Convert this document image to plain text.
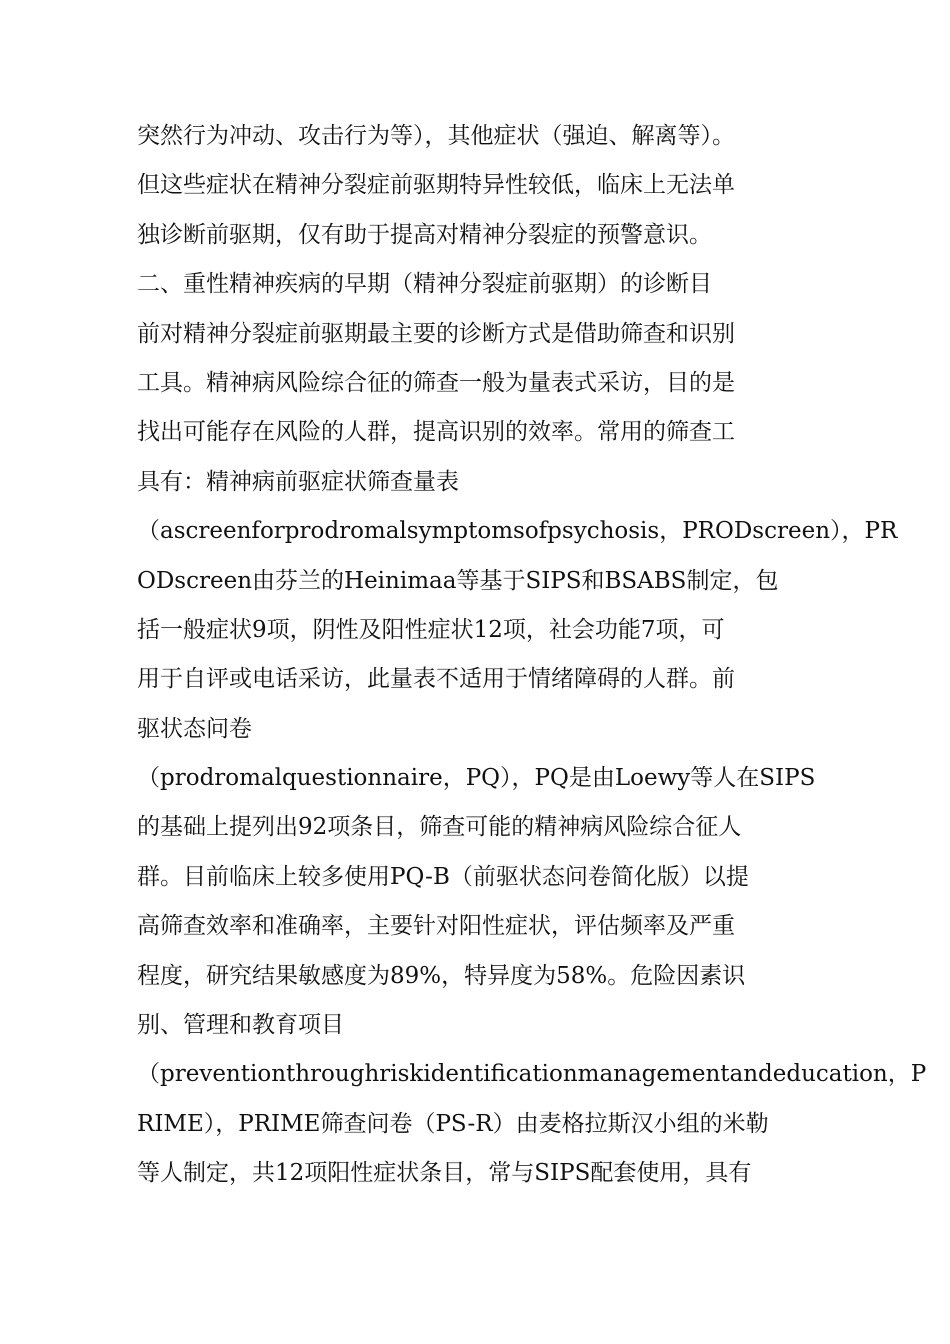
突然行为冲动、攻击行为等），其他症状（强迫、解离等）。
但这些症状在精神分裂症前驱期特异性较低，临床上无法单
独诊断前驱期，仅有助于提高对精神分裂症的预警意识。
二、重性精神疾病的早期（精神分裂症前驱期）的诊断目
前对精神分裂症前驱期最主要的诊断方式是借助筛查和识别
工具。精神病风险综合征的筛查一般为量表式采访，目的是
找出可能存在风险的人群，提高识别的效率。常用的筛查工
具有：精神病前驱症状筛查量表
（ascreenforprodromalsymptomsofpsychosis，PRODscreen），PR
ODscreen由芬兰的Heinimaa等基于SIPS和BSABS制定，包
括一般症状9项，阴性及阳性症状12项，社会功能7项，可
用于自评或电话采访，此量表不适用于情绪障碍的人群。前
驱状态问卷
（prodromalquestionnaire，PQ），PQ是由Loewy等人在SIPS
的基础上提列出92项条目，筛查可能的精神病风险综合征人
群。目前临床上较多使用PQ-B（前驱状态问卷简化版）以提
高筛查效率和准确率，主要针对阳性症状，评估频率及严重
程度，研究结果敏感度为89%，特异度为58%。危险因素识
别、管理和教育项目
（preventionthroughriskidentificationmanagementandeducation，P
RIME），PRIME筛查问卷（PS-R）由麦格拉斯汉小组的米勒
等人制定，共12项阳性症状条目，常与SIPS配套使用，具有
